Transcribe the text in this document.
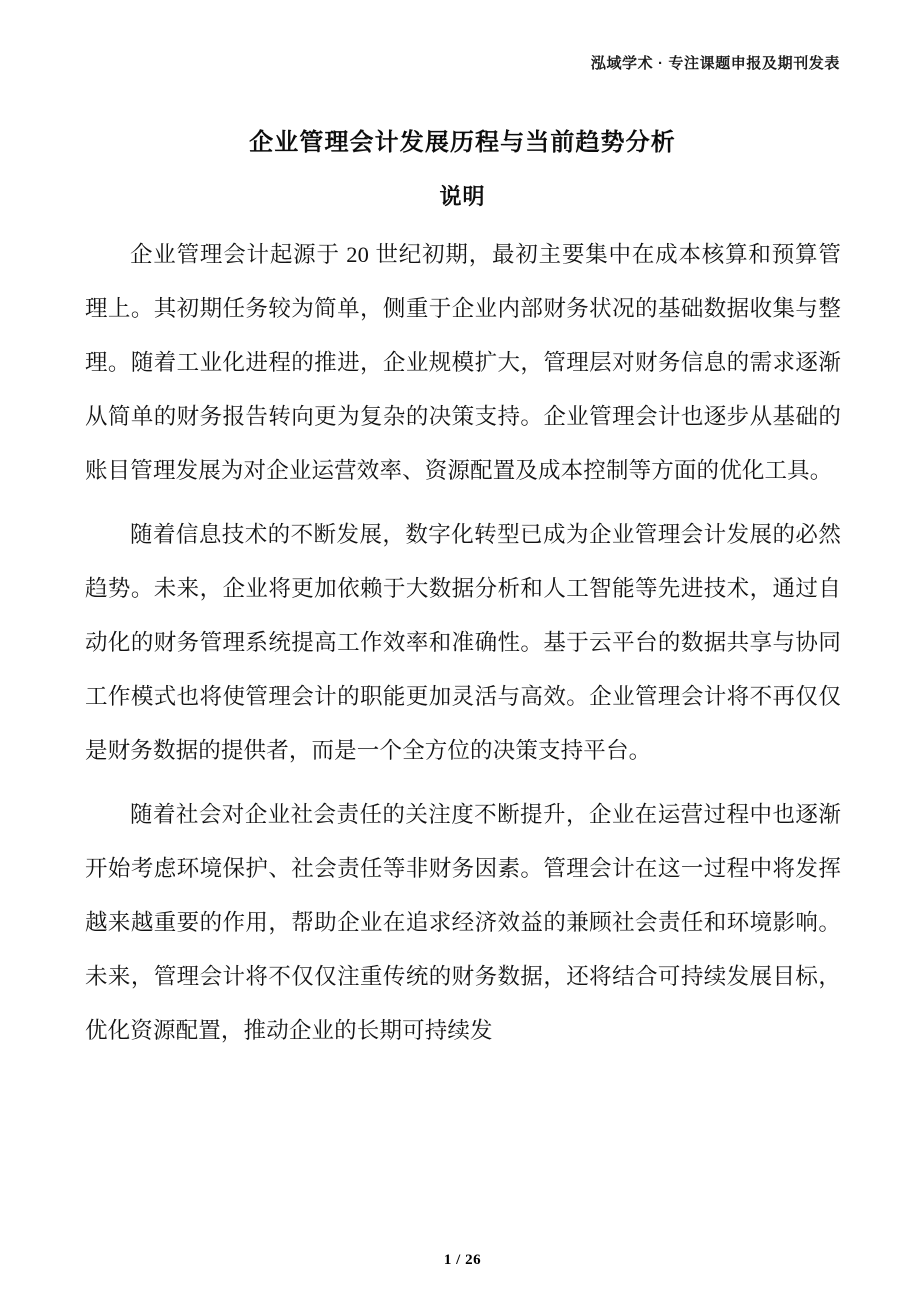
泓域学术 · 专注课题申报及期刊发表
企业管理会计发展历程与当前趋势分析
说明

企业管理会计起源于 20 世纪初期，最初主要集中在成本核算和预算管理上。其初期任务较为简单，侧重于企业内部财务状况的基础数据收集与整理。随着工业化进程的推进，企业规模扩大，管理层对财务信息的需求逐渐从简单的财务报告转向更为复杂的决策支持。企业管理会计也逐步从基础的账目管理发展为对企业运营效率、资源配置及成本控制等方面的优化工具。

随着信息技术的不断发展，数字化转型已成为企业管理会计发展的必然趋势。未来，企业将更加依赖于大数据分析和人工智能等先进技术，通过自动化的财务管理系统提高工作效率和准确性。基于云平台的数据共享与协同工作模式也将使管理会计的职能更加灵活与高效。企业管理会计将不再仅仅是财务数据的提供者，而是一个全方位的决策支持平台。

随着社会对企业社会责任的关注度不断提升，企业在运营过程中也逐渐开始考虑环境保护、社会责任等非财务因素。管理会计在这一过程中将发挥越来越重要的作用，帮助企业在追求经济效益的兼顾社会责任和环境影响。未来，管理会计将不仅仅注重传统的财务数据，还将结合可持续发展目标，优化资源配置，推动企业的长期可持续发

1 / 26
